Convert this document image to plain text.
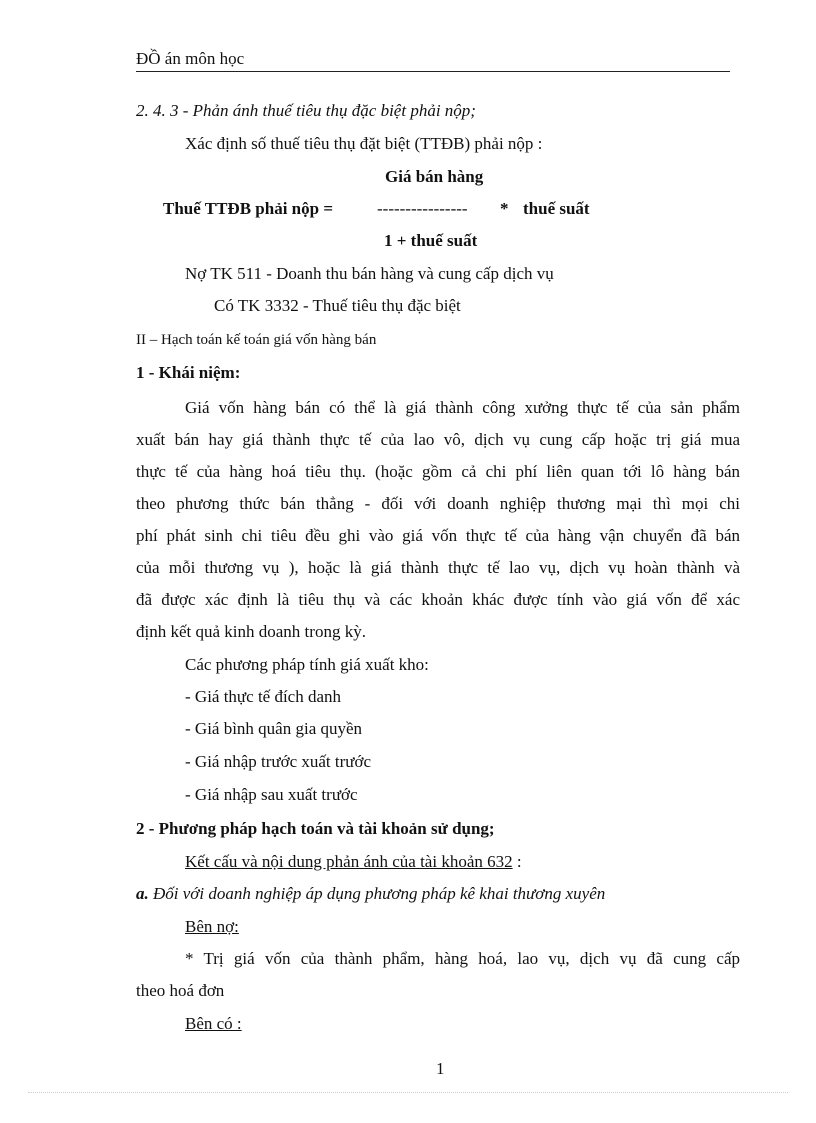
ĐỒ án môn học
2. 4. 3 - Phản ánh thuế tiêu thụ đặc biệt phải nộp;
Xác định số thuế tiêu thụ đặt biệt (TTĐB) phải nộp :
Giá bán hàng
Thuế TTĐB phải nộp =	---------------- * thuế suất
1 + thuế suất
Nợ TK 511 - Doanh thu bán hàng và cung cấp dịch vụ
Có TK 3332 - Thuế tiêu thụ đặc biệt
II – Hạch toán kế toán giá vốn hàng bán
1 - Khái niệm:
Giá vốn hàng bán có thể là giá thành công xưởng thực tế của sản phẩm
xuất bán hay giá thành thực tế của lao vô, dịch vụ cung cấp hoặc trị giá mua
thực tế của hàng hoá tiêu thụ. (hoặc gồm cả chi phí liên quan tới lô hàng bán
theo phương thức bán thẳng - đối với doanh nghiệp thương mại thì mọi chi
phí phát sinh chi tiêu đều ghi vào giá vốn thực tế của hàng vận chuyển đã bán
của mỗi thương vụ ), hoặc là giá thành thực tế lao vụ, dịch vụ hoàn thành và
đã được xác định là tiêu thụ và các khoản khác được tính vào giá vốn để xác
định kết quả kinh doanh trong kỳ.
Các phương pháp tính giá xuất kho:
- Giá thực tế đích danh
- Giá bình quân gia quyền
- Giá nhập trước xuất trước
- Giá nhập sau xuất trước
2 - Phương pháp hạch toán và tài khoản sử dụng;
Kết cấu và nội dung phản ánh của tài khoản 632 :
a. Đối với doanh nghiệp áp dụng phương pháp kê khai thương xuyên
Bên nợ:
* Trị giá vốn của thành phẩm, hàng hoá, lao vụ, dịch vụ đã cung cấp
theo hoá đơn
Bên có :
1
